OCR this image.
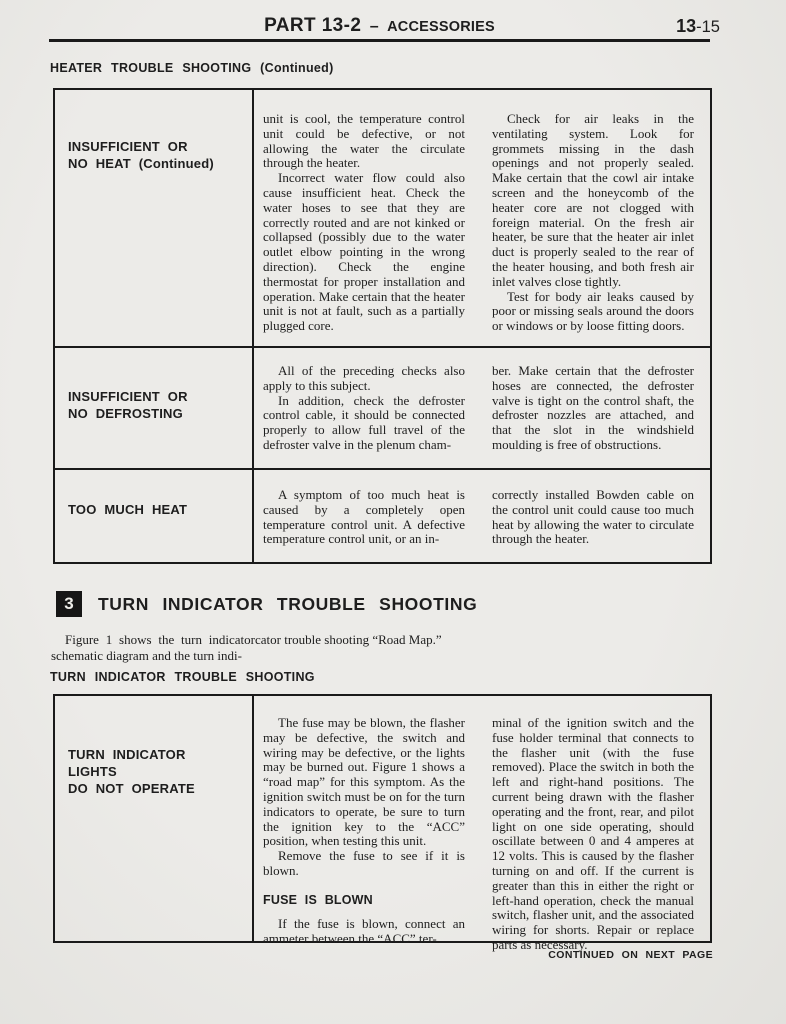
PART 13-2 – ACCESSORIES	13-15
HEATER TROUBLE SHOOTING (Continued)
INSUFFICIENT OR
NO HEAT (Continued)

unit is cool, the temperature control unit could be defective, or not allowing the water the circulate through the heater.

Incorrect water flow could also cause insufficient heat. Check the water hoses to see that they are correctly routed and are not kinked or collapsed (possibly due to the water outlet elbow pointing in the wrong direction). Check the engine thermostat for proper installation and operation. Make certain that the heater unit is not at fault, such as a partially plugged core.

Check for air leaks in the ventilating system. Look for grommets missing in the dash openings and not properly sealed. Make certain that the cowl air intake screen and the honeycomb of the heater core are not clogged with foreign material. On the fresh air heater, be sure that the heater air inlet duct is properly sealed to the rear of the heater housing, and both fresh air inlet valves close tightly.

Test for body air leaks caused by poor or missing seals around the doors or windows or by loose fitting doors.

INSUFFICIENT OR
NO DEFROSTING

All of the preceding checks also apply to this subject.

In addition, check the defroster control cable, it should be connected properly to allow full travel of the defroster valve in the plenum cham-

ber. Make certain that the defroster hoses are connected, the defroster valve is tight on the control shaft, the defroster nozzles are attached, and that the slot in the windshield moulding is free of obstructions.

TOO MUCH HEAT

A symptom of too much heat is caused by a completely open temperature control unit. A defective temperature control unit, or an in-

correctly installed Bowden cable on the control unit could cause too much heat by allowing the water to circulate through the heater.

3	TURN INDICATOR TROUBLE SHOOTING

Figure 1 shows the turn indicator schematic diagram and the turn indi-

cator trouble shooting “Road Map.”

TURN INDICATOR TROUBLE SHOOTING
TURN INDICATOR LIGHTS
DO NOT OPERATE

The fuse may be blown, the flasher may be defective, the switch and wiring may be defective, or the lights may be burned out. Figure 1 shows a “road map” for this symptom. As the ignition switch must be on for the turn indicators to operate, be sure to turn the ignition key to the “ACC” position, when testing this unit.

Remove the fuse to see if it is blown.

FUSE IS BLOWN

If the fuse is blown, connect an ammeter between the “ACC” ter-

minal of the ignition switch and the fuse holder terminal that connects to the flasher unit (with the fuse removed). Place the switch in both the left and right-hand positions. The current being drawn with the flasher operating and the front, rear, and pilot light on one side operating, should oscillate between 0 and 4 amperes at 12 volts. This is caused by the flasher turning on and off. If the current is greater than this in either the right or left-hand operation, check the manual switch, flasher unit, and the associated wiring for shorts. Repair or replace parts as necessary.

CONTINUED ON NEXT PAGE
